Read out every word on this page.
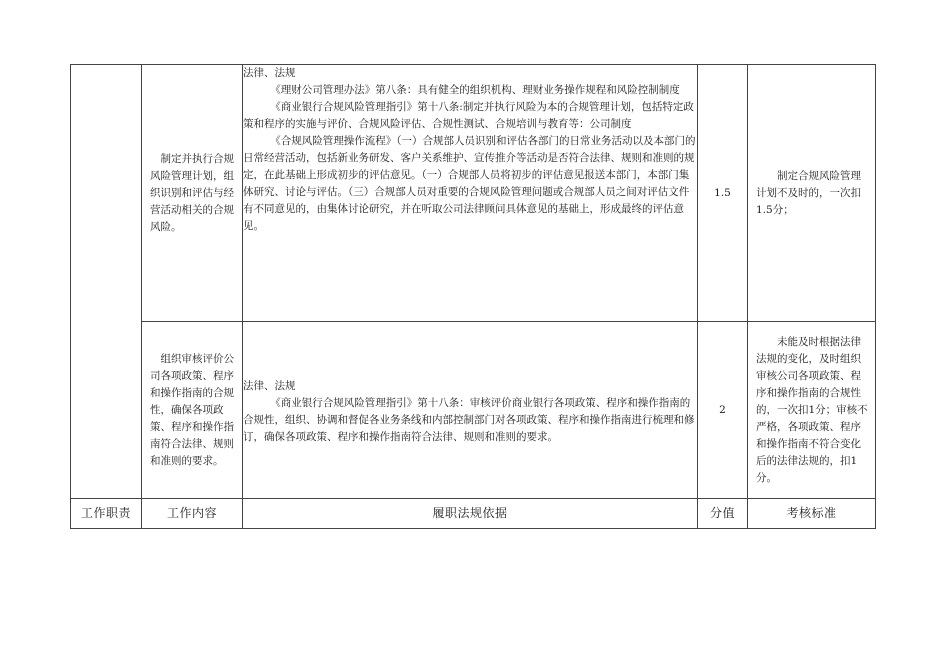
	制定并执行合规风险管理计划，组织识别和评估与经营活动相关的合规风险。	法律、法规

《理财公司管理办法》第八条：具有健全的组织机构、理财业务操作规程和风险控制制度

《商业银行合规风险管理指引》第十八条:制定并执行风险为本的合规管理计划，包括特定政策和程序的实施与评价、合规风险评估、合规性测试、合规培训与教育等：公司制度

《合规风险管理操作流程》（一）合规部人员识别和评估各部门的日常业务活动以及本部门的日常经营活动，包括新业务研发、客户关系维护、宣传推介等活动是否符合法律、规则和准则的规定，在此基础上形成初步的评估意见。（一）合规部人员将初步的评估意见报送本部门，本部门集体研究、讨论与评估。（三）合规部人员对重要的合规风险管理问题或合规部人员之间对评估文件有不同意见的，由集体讨论研究，并在听取公司法律顾问具体意见的基础上，形成最终的评估意见。	1.5	制定合规风险管理计划不及时的，一次扣1.5分；

	组织审核评价公司各项政策、程序和操作指南的合规性，确保各项政策、程序和操作指南符合法律、规则和准则的要求。	法律、法规

《商业银行合规风险管理指引》第十八条：审核评价商业银行各项政策、程序和操作指南的合规性，组织、协调和督促各业务条线和内部控制部门对各项政策、程序和操作指南进行梳理和修订，确保各项政策、程序和操作指南符合法律、规则和准则的要求。	2	未能及时根据法律法规的变化，及时组织审核公司各项政策、程序和操作指南的合规性的，一次扣1分；审核不严格，各项政策、程序和操作指南不符合变化后的法律法规的，扣1分。

工作职责	工作内容	履职法规依据	分值	考核标准
